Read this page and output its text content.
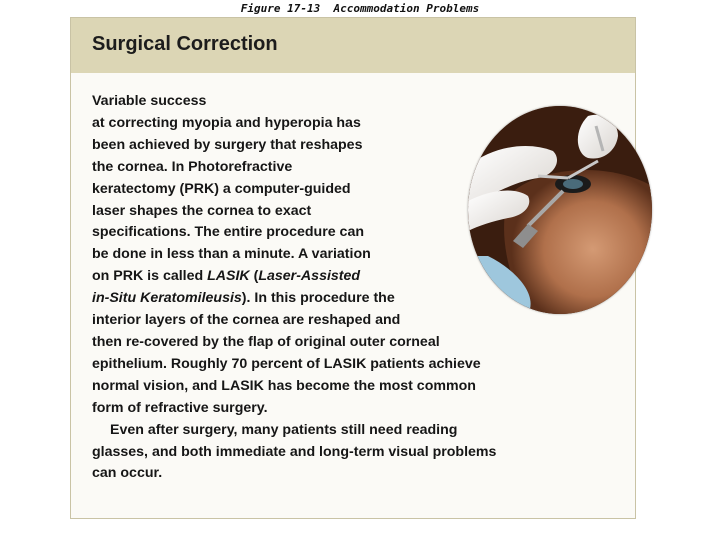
Figure 17-13 Accommodation Problems
Surgical Correction
Variable success
at correcting myopia and hyperopia has
been achieved by surgery that reshapes
the cornea. In Photorefractive
keratectomy (PRK) a computer-guided
laser shapes the cornea to exact
specifications. The entire procedure can
be done in less than a minute. A variation
on PRK is called LASIK (Laser-Assisted
in-Situ Keratomileusis). In this procedure the
interior layers of the cornea are reshaped and
then re-covered by the flap of original outer corneal
epithelium. Roughly 70 percent of LASIK patients achieve
normal vision, and LASIK has become the most common
form of refractive surgery.
Even after surgery, many patients still need reading
glasses, and both immediate and long-term visual problems
can occur.
